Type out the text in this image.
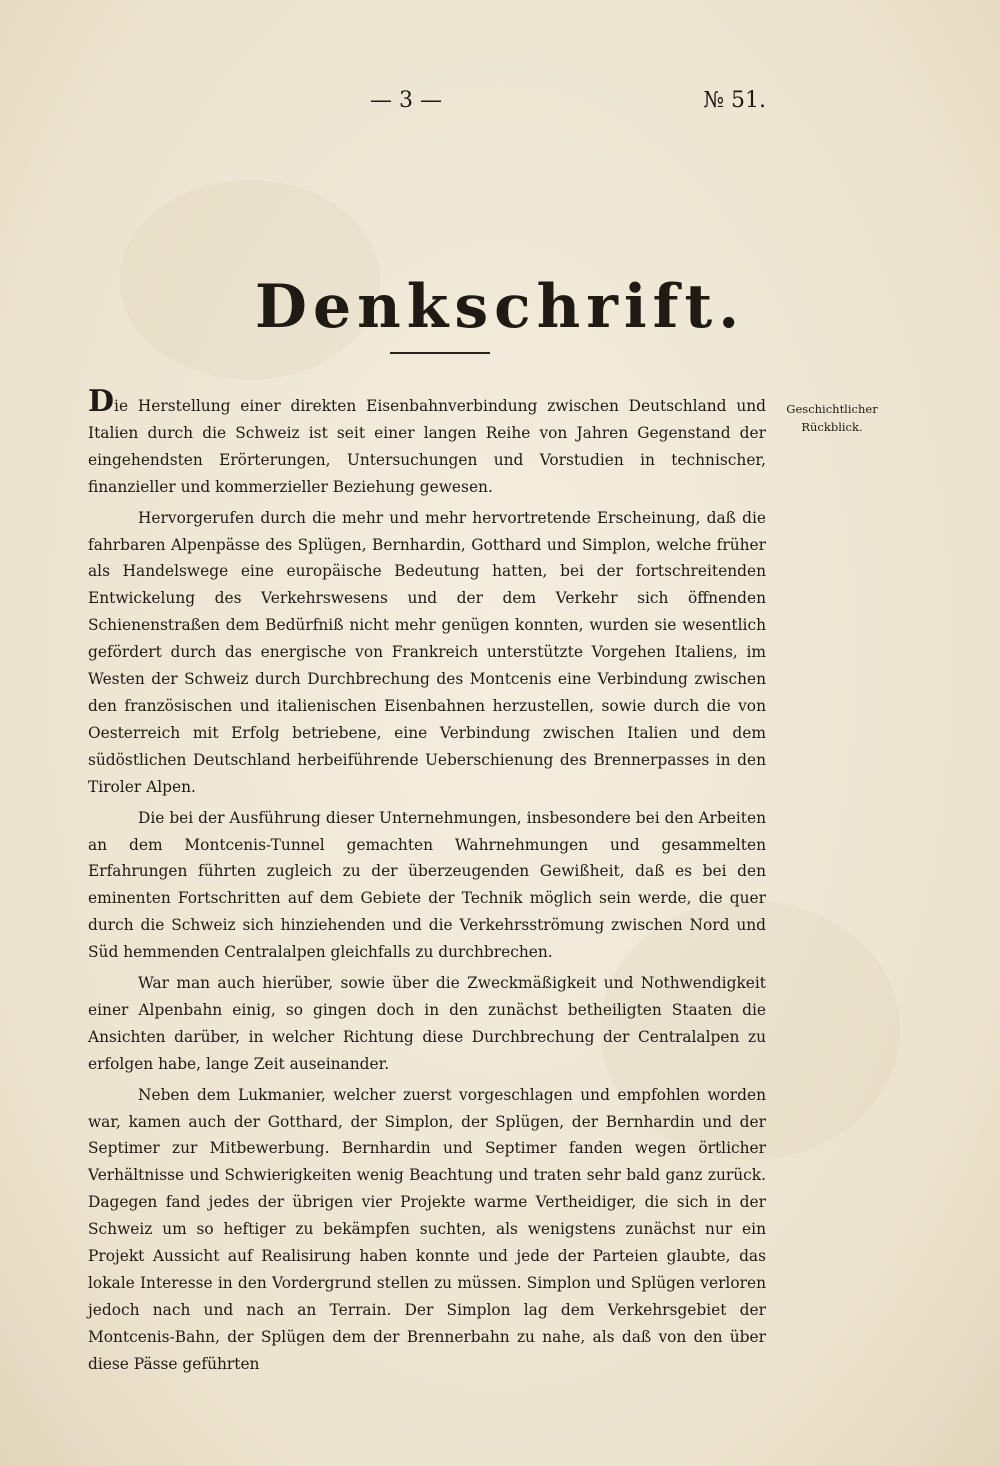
— 3 —	№ 51.
Denkschrift.
Geschichtlicher Rückblick.

Die Herstellung einer direkten Eisenbahnverbindung zwischen Deutschland und Italien durch die Schweiz ist seit einer langen Reihe von Jahren Gegenstand der eingehendsten Erörterungen, Untersuchungen und Vorstudien in technischer, finanzieller und kommerzieller Beziehung gewesen.

Hervorgerufen durch die mehr und mehr hervortretende Erscheinung, daß die fahrbaren Alpenpässe des Splügen, Bernhardin, Gotthard und Simplon, welche früher als Handelswege eine europäische Bedeutung hatten, bei der fortschreitenden Entwickelung des Verkehrswesens und der dem Verkehr sich öffnenden Schienenstraßen dem Bedürfniß nicht mehr genügen konnten, wurden sie wesentlich gefördert durch das energische von Frankreich unterstützte Vorgehen Italiens, im Westen der Schweiz durch Durchbrechung des Montcenis eine Verbindung zwischen den französischen und italienischen Eisenbahnen herzustellen, sowie durch die von Oesterreich mit Erfolg betriebene, eine Verbindung zwischen Italien und dem südöstlichen Deutschland herbeiführende Ueberschienung des Brennerpasses in den Tiroler Alpen.

Die bei der Ausführung dieser Unternehmungen, insbesondere bei den Arbeiten an dem Montcenis-Tunnel gemachten Wahrnehmungen und gesammelten Erfahrungen führten zugleich zu der überzeugenden Gewißheit, daß es bei den eminenten Fortschritten auf dem Gebiete der Technik möglich sein werde, die quer durch die Schweiz sich hinziehenden und die Verkehrsströmung zwischen Nord und Süd hemmenden Centralalpen gleichfalls zu durchbrechen.

War man auch hierüber, sowie über die Zweckmäßigkeit und Nothwendigkeit einer Alpenbahn einig, so gingen doch in den zunächst betheiligten Staaten die Ansichten darüber, in welcher Richtung diese Durchbrechung der Centralalpen zu erfolgen habe, lange Zeit auseinander.

Neben dem Lukmanier, welcher zuerst vorgeschlagen und empfohlen worden war, kamen auch der Gotthard, der Simplon, der Splügen, der Bernhardin und der Septimer zur Mitbewerbung. Bernhardin und Septimer fanden wegen örtlicher Verhältnisse und Schwierigkeiten wenig Beachtung und traten sehr bald ganz zurück. Dagegen fand jedes der übrigen vier Projekte warme Vertheidiger, die sich in der Schweiz um so heftiger zu bekämpfen suchten, als wenigstens zunächst nur ein Projekt Aussicht auf Realisirung haben konnte und jede der Parteien glaubte, das lokale Interesse in den Vordergrund stellen zu müssen. Simplon und Splügen verloren jedoch nach und nach an Terrain. Der Simplon lag dem Verkehrsgebiet der Montcenis-Bahn, der Splügen dem der Brennerbahn zu nahe, als daß von den über diese Pässe geführten
